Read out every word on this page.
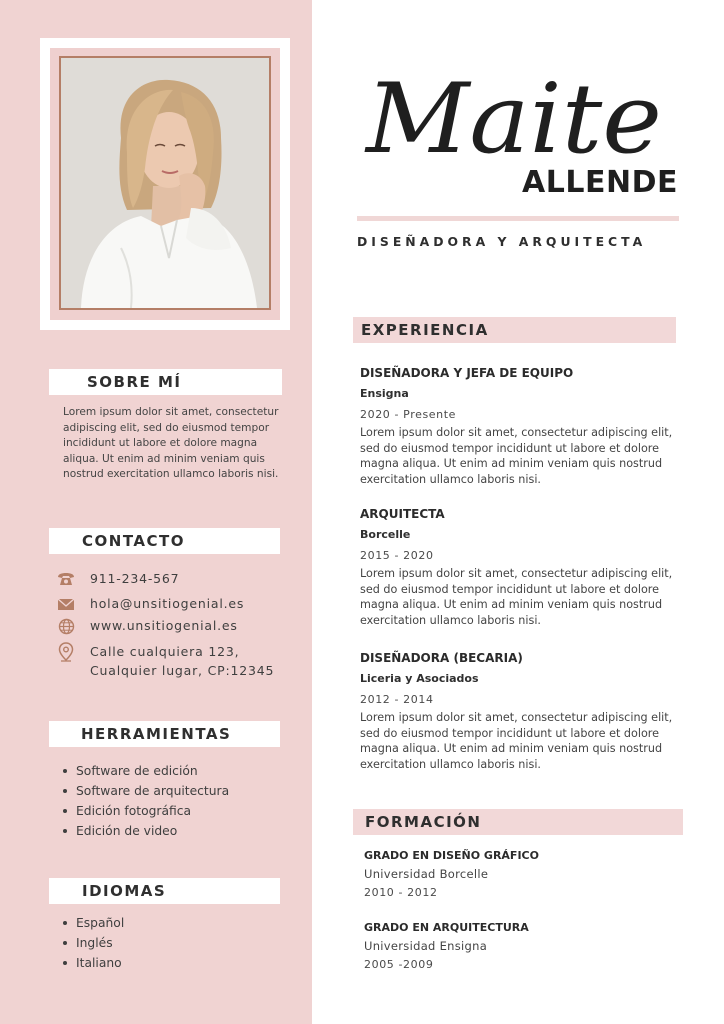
SOBRE MÍ
Lorem ipsum dolor sit amet, consectetur adipiscing elit, sed do eiusmod tempor incididunt ut labore et dolore magna aliqua. Ut enim ad minim veniam quis nostrud exercitation ullamco laboris nisi.
CONTACTO
911-234-567
hola@unsitiogenial.es
www.unsitiogenial.es
Calle cualquiera 123,
Cualquier lugar, CP:12345
HERRAMIENTAS
Software de edición
Software de arquitectura
Edición fotográfica
Edición de video
IDIOMAS
Español
Inglés
Italiano
Maite
ALLENDE
DISEÑADORA Y ARQUITECTA
EXPERIENCIA
DISEÑADORA Y JEFA DE EQUIPO
Ensigna
2020 - Presente
Lorem ipsum dolor sit amet, consectetur adipiscing elit, sed do eiusmod tempor incididunt ut labore et dolore magna aliqua. Ut enim ad minim veniam quis nostrud exercitation ullamco laboris nisi.
ARQUITECTA
Borcelle
2015 - 2020
Lorem ipsum dolor sit amet, consectetur adipiscing elit, sed do eiusmod tempor incididunt ut labore et dolore magna aliqua. Ut enim ad minim veniam quis nostrud exercitation ullamco laboris nisi.
DISEÑADORA (BECARIA)
Liceria y Asociados
2012 - 2014
Lorem ipsum dolor sit amet, consectetur adipiscing elit, sed do eiusmod tempor incididunt ut labore et dolore magna aliqua. Ut enim ad minim veniam quis nostrud exercitation ullamco laboris nisi.
FORMACIÓN
GRADO EN DISEÑO GRÁFICO
Universidad Borcelle
2010 - 2012
GRADO EN ARQUITECTURA
Universidad Ensigna
2005 -2009
